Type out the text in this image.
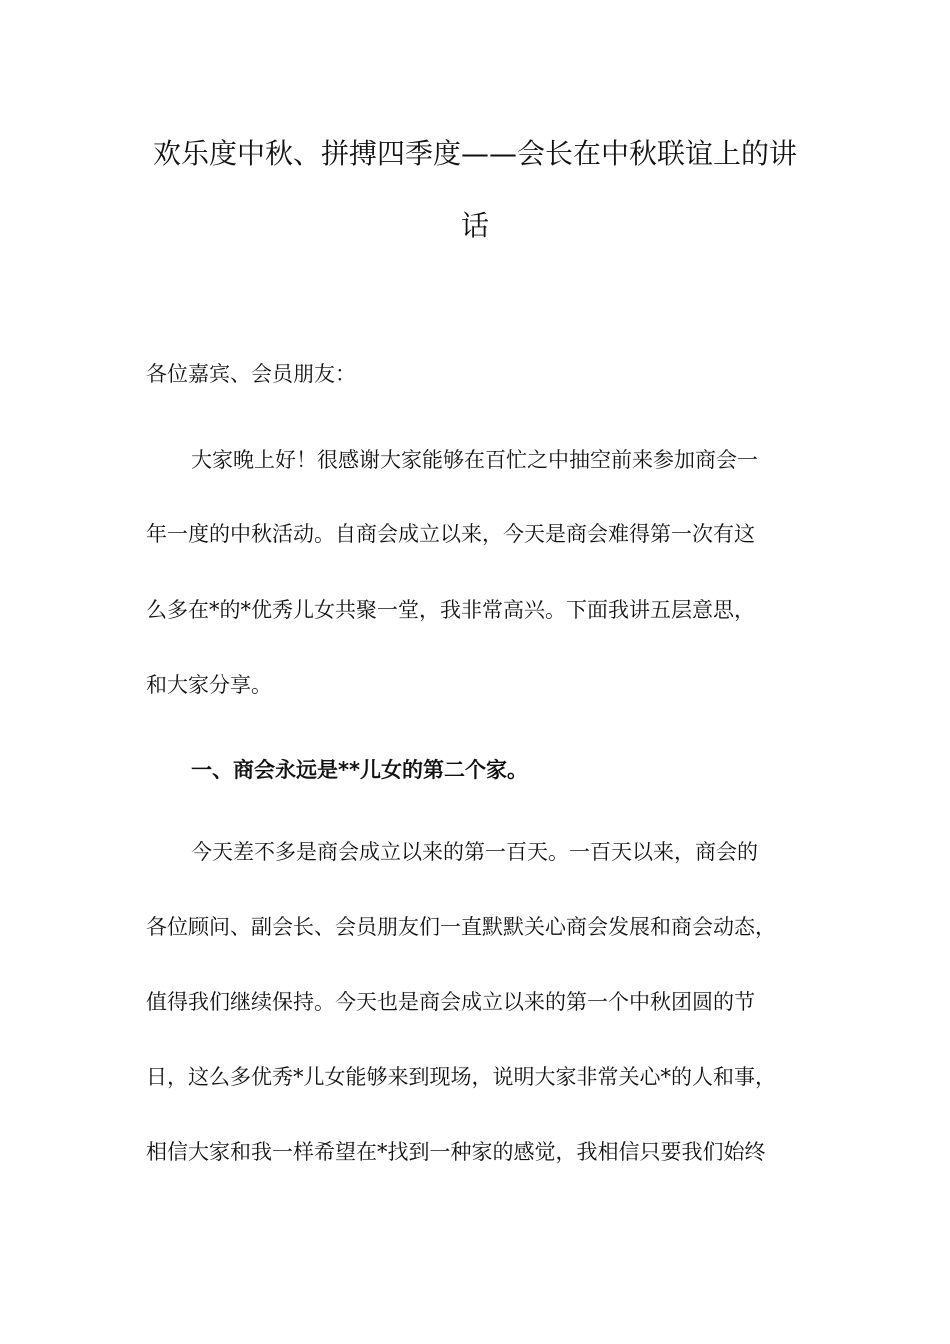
欢乐度中秋、拼搏四季度——会长在中秋联谊上的讲
话

各位嘉宾、会员朋友：

大家晚上好！很感谢大家能够在百忙之中抽空前来参加商会一

年一度的中秋活动。自商会成立以来，今天是商会难得第一次有这

么多在*的*优秀儿女共聚一堂，我非常高兴。下面我讲五层意思，

和大家分享。

一、商会永远是**儿女的第二个家。

今天差不多是商会成立以来的第一百天。一百天以来，商会的

各位顾问、副会长、会员朋友们一直默默关心商会发展和商会动态，

值得我们继续保持。今天也是商会成立以来的第一个中秋团圆的节

日，这么多优秀*儿女能够来到现场，说明大家非常关心*的人和事，

相信大家和我一样希望在*找到一种家的感觉，我相信只要我们始终
